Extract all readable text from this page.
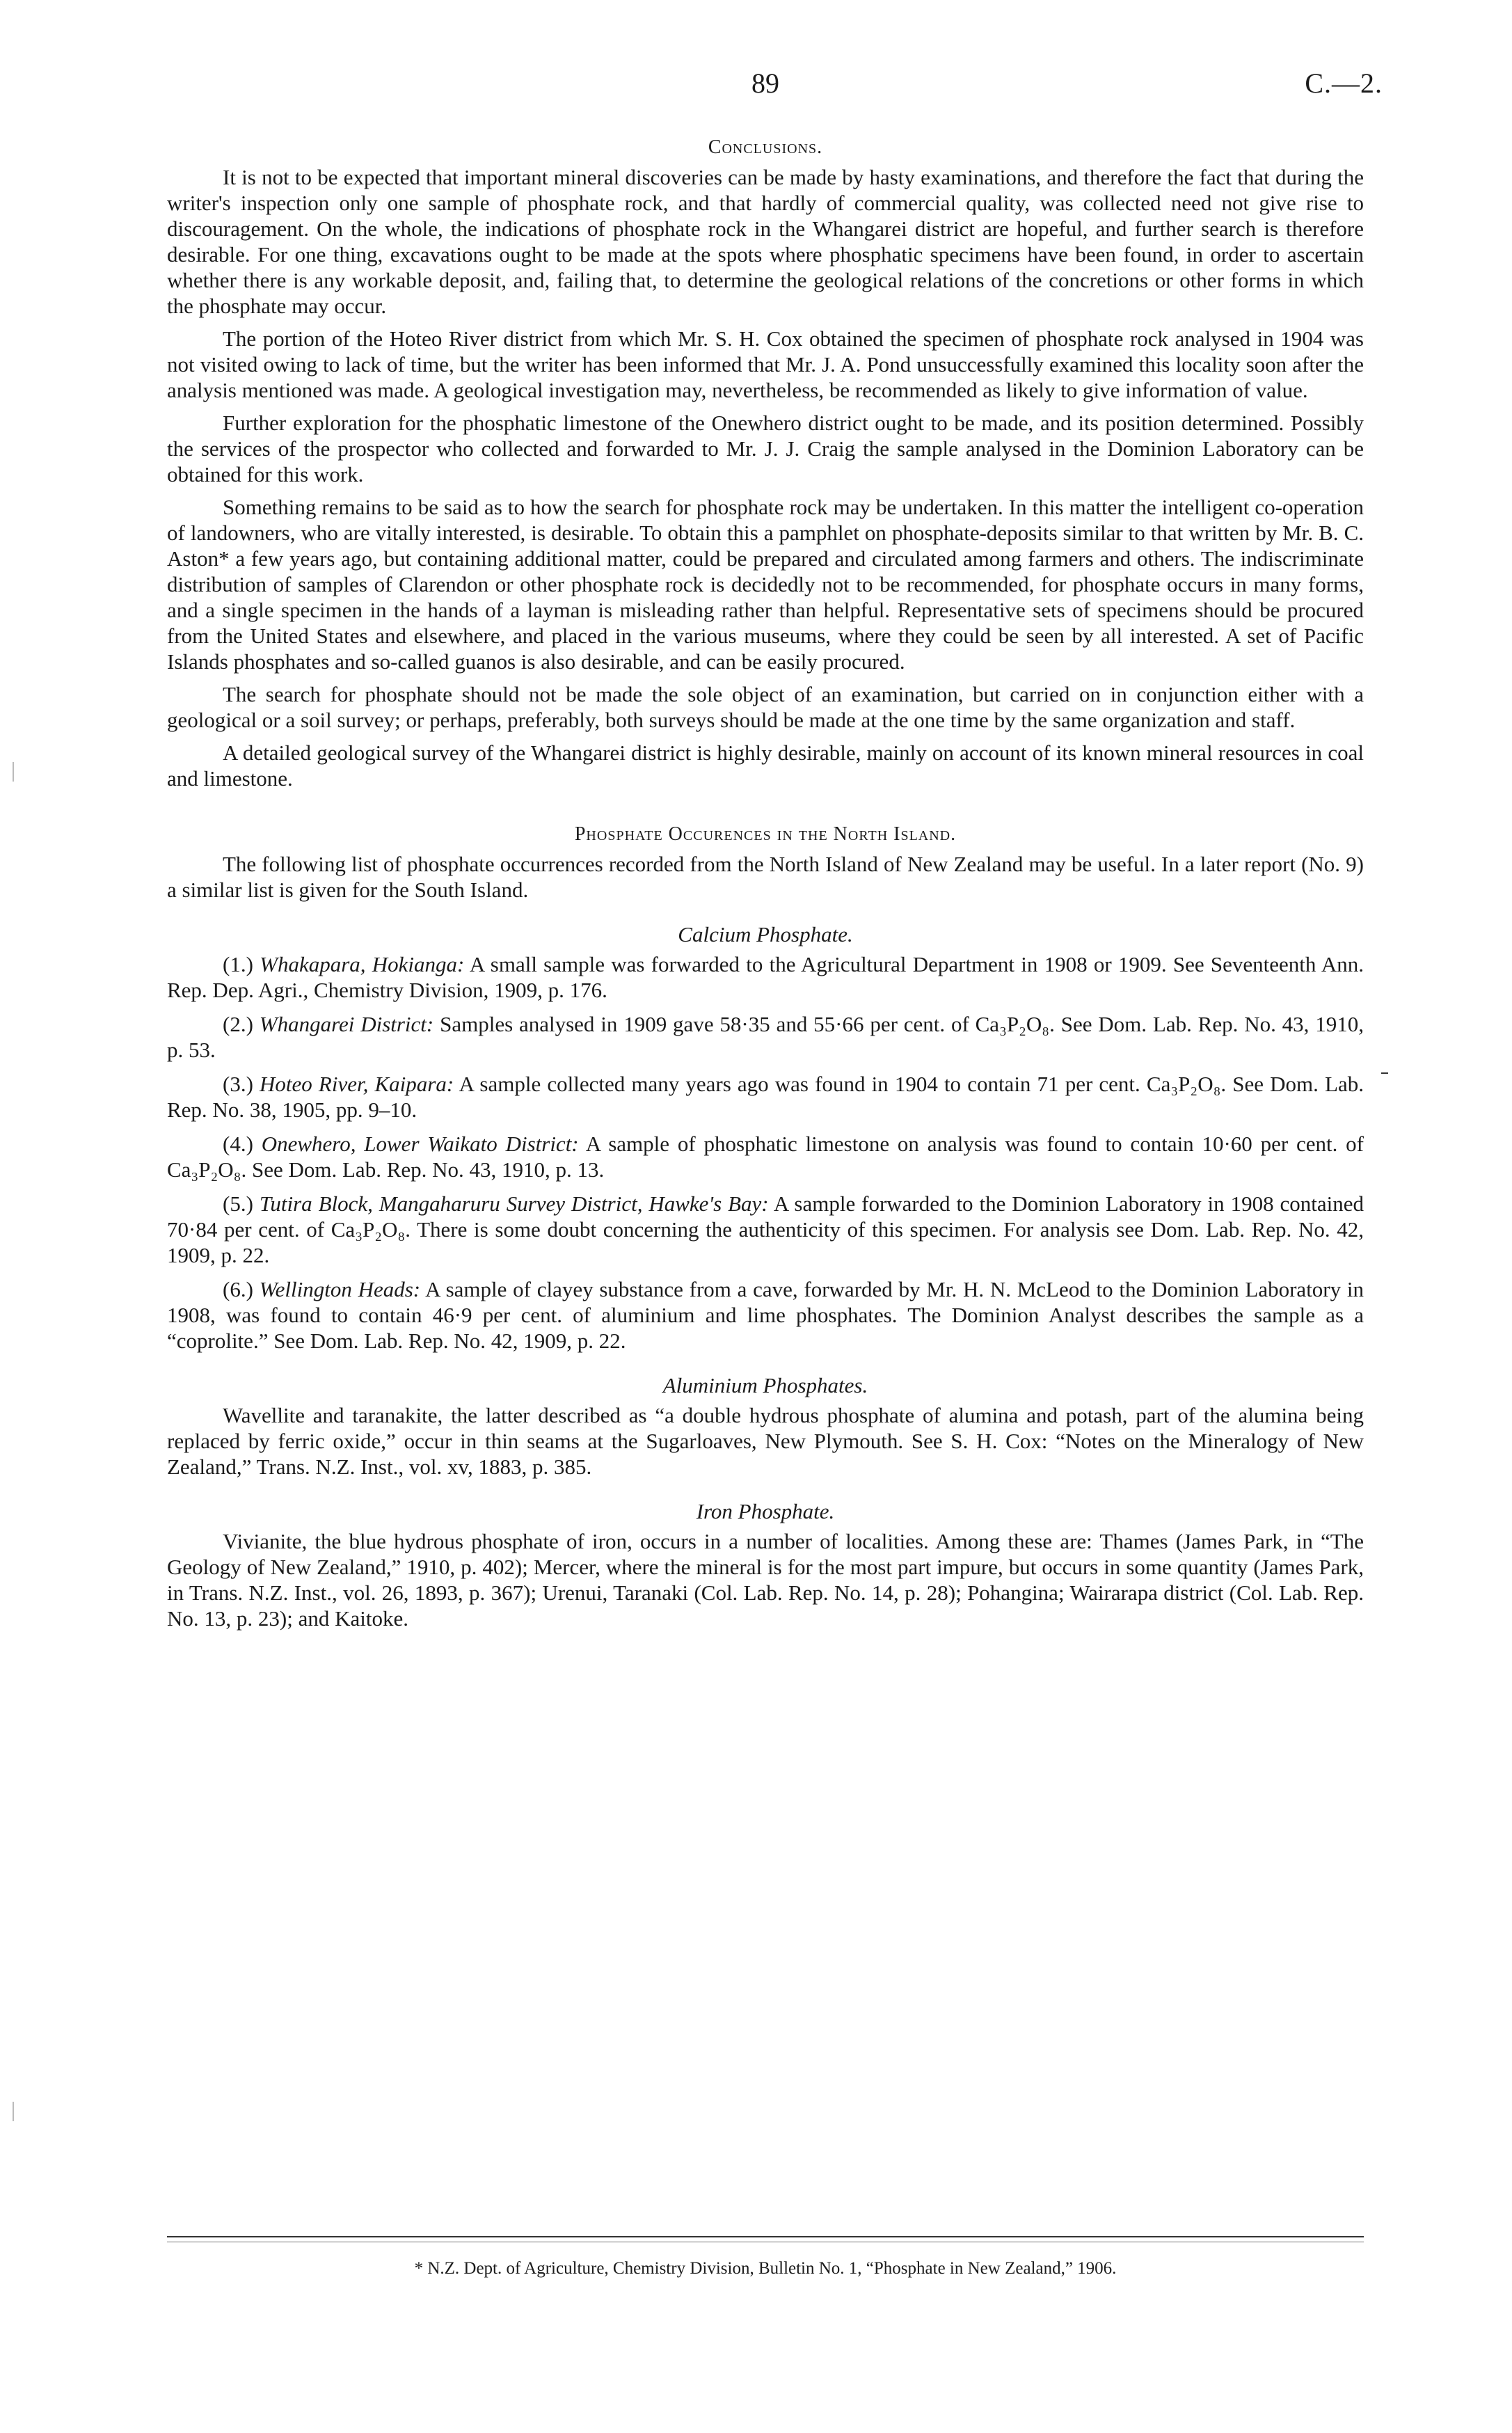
89	C.—2.
Conclusions.

It is not to be expected that important mineral discoveries can be made by hasty examinations, and therefore the fact that during the writer's inspection only one sample of phosphate rock, and that hardly of commercial quality, was collected need not give rise to discouragement. On the whole, the indications of phosphate rock in the Whangarei district are hopeful, and further search is therefore desirable. For one thing, excavations ought to be made at the spots where phosphatic specimens have been found, in order to ascertain whether there is any workable deposit, and, failing that, to determine the geological relations of the concretions or other forms in which the phosphate may occur.

The portion of the Hoteo River district from which Mr. S. H. Cox obtained the specimen of phosphate rock analysed in 1904 was not visited owing to lack of time, but the writer has been informed that Mr. J. A. Pond unsuccessfully examined this locality soon after the analysis mentioned was made. A geological investigation may, nevertheless, be recommended as likely to give information of value.

Further exploration for the phosphatic limestone of the Onewhero district ought to be made, and its position determined. Possibly the services of the prospector who collected and forwarded to Mr. J. J. Craig the sample analysed in the Dominion Laboratory can be obtained for this work.

Something remains to be said as to how the search for phosphate rock may be undertaken. In this matter the intelligent co-operation of landowners, who are vitally interested, is desirable. To obtain this a pamphlet on phosphate-deposits similar to that written by Mr. B. C. Aston* a few years ago, but containing additional matter, could be prepared and circulated among farmers and others. The indiscriminate distribution of samples of Clarendon or other phosphate rock is decidedly not to be recommended, for phosphate occurs in many forms, and a single specimen in the hands of a layman is misleading rather than helpful. Representative sets of specimens should be procured from the United States and elsewhere, and placed in the various museums, where they could be seen by all interested. A set of Pacific Islands phosphates and so-called guanos is also desirable, and can be easily procured.

The search for phosphate should not be made the sole object of an examination, but carried on in conjunction either with a geological or a soil survey; or perhaps, preferably, both surveys should be made at the one time by the same organization and staff.

A detailed geological survey of the Whangarei district is highly desirable, mainly on account of its known mineral resources in coal and limestone.

Phosphate Occurences in the North Island.

The following list of phosphate occurrences recorded from the North Island of New Zealand may be useful. In a later report (No. 9) a similar list is given for the South Island.

Calcium Phosphate.

(1.) Whakapara, Hokianga: A small sample was forwarded to the Agricultural Department in 1908 or 1909. See Seventeenth Ann. Rep. Dep. Agri., Chemistry Division, 1909, p. 176.

(2.) Whangarei District: Samples analysed in 1909 gave 58·35 and 55·66 per cent. of Ca₃P₂O₈. See Dom. Lab. Rep. No. 43, 1910, p. 53.

(3.) Hoteo River, Kaipara: A sample collected many years ago was found in 1904 to contain 71 per cent. Ca₃P₂O₈. See Dom. Lab. Rep. No. 38, 1905, pp. 9–10.

(4.) Onewhero, Lower Waikato District: A sample of phosphatic limestone on analysis was found to contain 10·60 per cent. of Ca₃P₂O₈. See Dom. Lab. Rep. No. 43, 1910, p. 13.

(5.) Tutira Block, Mangaharuru Survey District, Hawke's Bay: A sample forwarded to the Dominion Laboratory in 1908 contained 70·84 per cent. of Ca₃P₂O₈. There is some doubt concerning the authenticity of this specimen. For analysis see Dom. Lab. Rep. No. 42, 1909, p. 22.

(6.) Wellington Heads: A sample of clayey substance from a cave, forwarded by Mr. H. N. McLeod to the Dominion Laboratory in 1908, was found to contain 46·9 per cent. of aluminium and lime phosphates. The Dominion Analyst describes the sample as a “coprolite.” See Dom. Lab. Rep. No. 42, 1909, p. 22.

Aluminium Phosphates.

Wavellite and taranakite, the latter described as “a double hydrous phosphate of alumina and potash, part of the alumina being replaced by ferric oxide,” occur in thin seams at the Sugarloaves, New Plymouth. See S. H. Cox: “Notes on the Mineralogy of New Zealand,” Trans. N.Z. Inst., vol. xv, 1883, p. 385.

Iron Phosphate.

Vivianite, the blue hydrous phosphate of iron, occurs in a number of localities. Among these are: Thames (James Park, in “The Geology of New Zealand,” 1910, p. 402); Mercer, where the mineral is for the most part impure, but occurs in some quantity (James Park, in Trans. N.Z. Inst., vol. 26, 1893, p. 367); Urenui, Taranaki (Col. Lab. Rep. No. 14, p. 28); Pohangina; Wairarapa district (Col. Lab. Rep. No. 13, p. 23); and Kaitoke.

* N.Z. Dept. of Agriculture, Chemistry Division, Bulletin No. 1, “Phosphate in New Zealand,” 1906.
